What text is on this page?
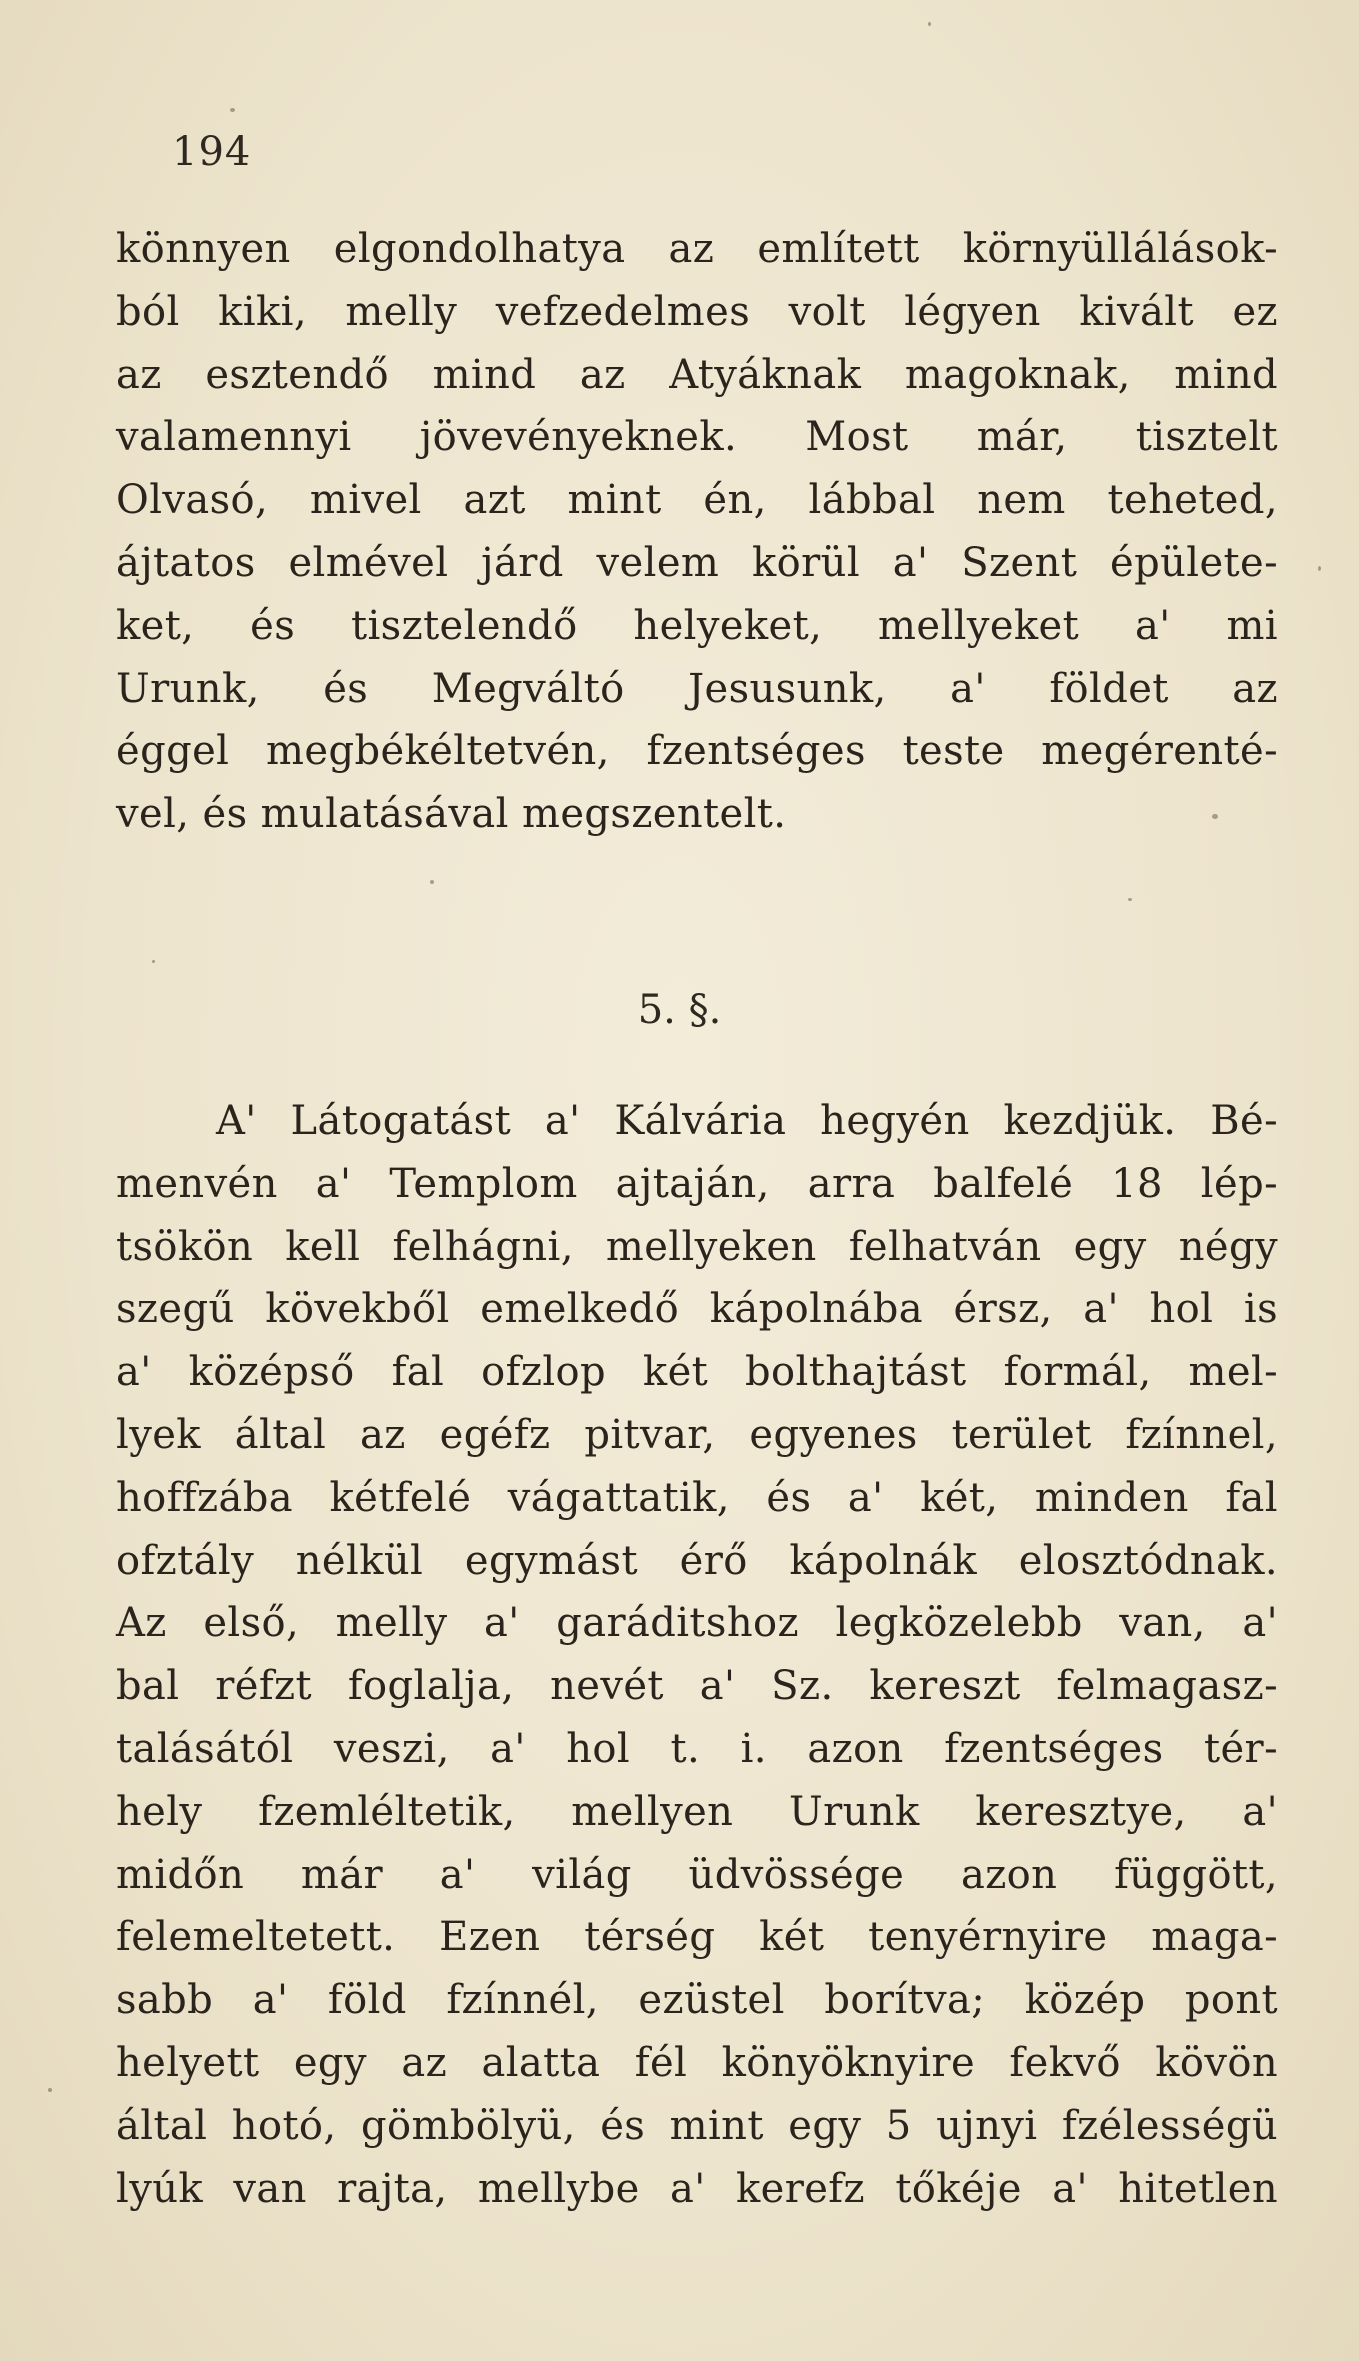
194
könnyen elgondolhatya az említett környüllálások-
ból kiki, melly vefzedelmes volt légyen kivált ez
az esztendő mind az Atyáknak magoknak, mind
valamennyi jövevényeknek. Most már, tisztelt
Olvasó, mivel azt mint én, lábbal nem teheted,
ájtatos elmével járd velem körül a' Szent épülete-
ket, és tisztelendő helyeket, mellyeket a' mi
Urunk, és Megváltó Jesusunk, a' földet az
éggel megbékéltetvén, fzentséges teste megérenté-
vel, és mulatásával megszentelt.
5. §.
A' Látogatást a' Kálvária hegyén kezdjük. Bé-
menvén a' Templom ajtaján, arra balfelé 18 lép-
tsökön kell felhágni, mellyeken felhatván egy négy
szegű kövekből emelkedő kápolnába érsz, a' hol is
a' középső fal ofzlop két bolthajtást formál, mel-
lyek által az egéfz pitvar, egyenes terület fzínnel,
hoffzába kétfelé vágattatik, és a' két, minden fal
ofztály nélkül egymást érő kápolnák elosztódnak.
Az első, melly a' garáditshoz legközelebb van, a'
bal réfzt foglalja, nevét a' Sz. kereszt felmagasz-
talásától veszi, a' hol t. i. azon fzentséges tér-
hely fzemléltetik, mellyen Urunk keresztye, a'
midőn már a' világ üdvössége azon függött,
felemeltetett. Ezen térség két tenyérnyire maga-
sabb a' föld fzínnél, ezüstel borítva; közép pont
helyett egy az alatta fél könyöknyire fekvő kövön
által hotó, gömbölyü, és mint egy 5 ujnyi fzélességü
lyúk van rajta, mellybe a' kerefz tőkéje a' hitetlen
